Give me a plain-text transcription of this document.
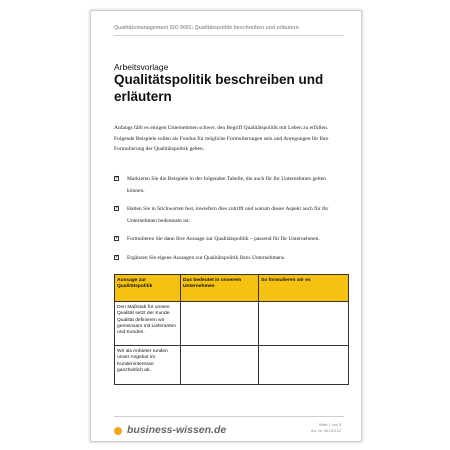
Qualitätsmanagement ISO 9001: Qualitätspolitik beschreiben und erläutern
Arbeitsvorlage
Qualitätspolitik beschreiben und erläutern
Anfangs fällt es einigen Unternehmen schwer, den Begriff Qualitätspolitik mit Leben zu erfüllen. Folgende Beispiele sollen als Fundus für mögliche Formulierungen sein und Anregungen für Ihre Formulierung der Qualitätspolitik geben.
✓ Markieren Sie die Beispiele in der folgenden Tabelle, die auch für Ihr Unternehmen gelten können.
✓ Halten Sie in Stichworten fest, inwiefern dies zutrifft und warum dieser Aspekt auch für Ihr Unternehmen bedeutsam ist.
✓ Formulieren Sie dann Ihre Aussage zur Qualitätspolitik – passend für Ihr Unternehmen.
✓ Ergänzen Sie eigene Aussagen zur Qualitätspolitik Ihres Unternehmens.
Aussage zur Qualitätspolitik	Das bedeutet in unserem Unternehmen	So formulieren wir es
Den Maßstab für unsere Qualität setzt der Kunde. Qualität definieren wir gemeinsam mit Lieferanten und Kunden.		
Wir als Anbieter runden unser Angebot im Kundeninteresse ganzheitlich ab.		
business-wissen.de	Seite 1 von 3
Art.-Nr. 06.015.12
